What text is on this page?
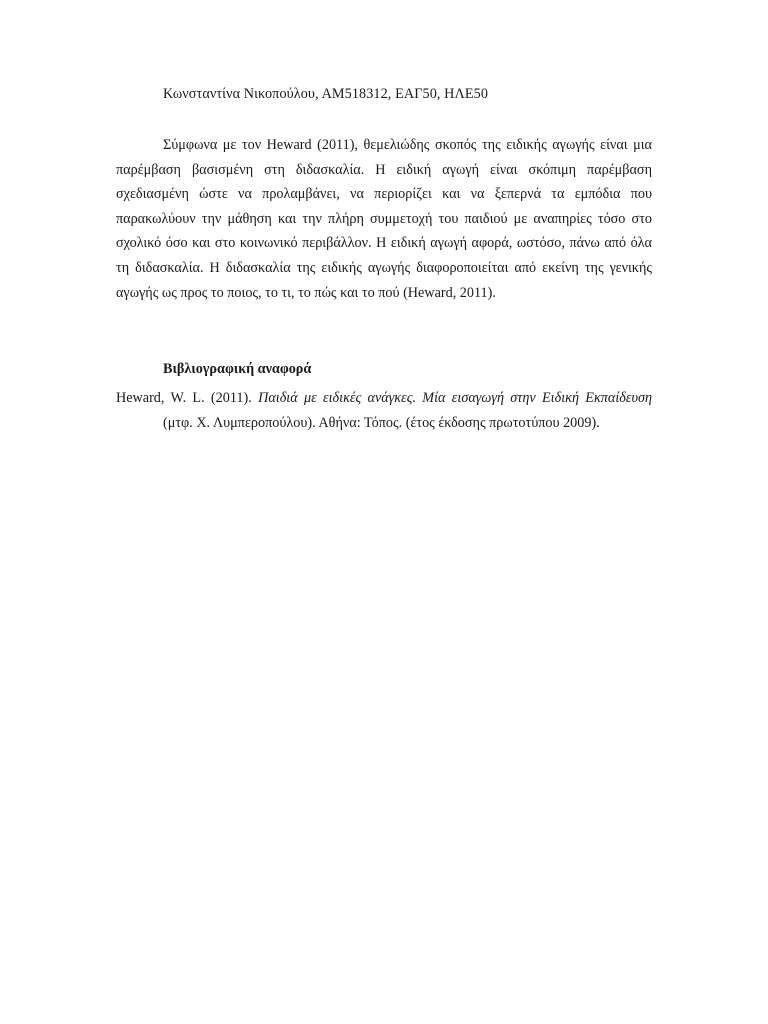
Κωνσταντίνα Νικοπούλου, ΑΜ518312, ΕΑΓ50, ΗΛΕ50

Σύμφωνα με τον Heward (2011), θεμελιώδης σκοπός της ειδικής αγωγής είναι μια παρέμβαση βασισμένη στη διδασκαλία. Η ειδική αγωγή είναι σκόπιμη παρέμβαση σχεδιασμένη ώστε να προλαμβάνει, να περιορίζει και να ξεπερνά τα εμπόδια που παρακωλύουν την μάθηση και την πλήρη συμμετοχή του παιδιού με αναπηρίες τόσο στο σχολικό όσο και στο κοινωνικό περιβάλλον. Η ειδική αγωγή αφορά, ωστόσο, πάνω από όλα τη διδασκαλία. Η διδασκαλία της ειδικής αγωγής διαφοροποιείται από εκείνη της γενικής αγωγής ως προς το ποιος, το τι, το πώς και το πού (Heward, 2011).

Βιβλιογραφική αναφορά

Heward, W. L. (2011). Παιδιά με ειδικές ανάγκες. Μία εισαγωγή στην Ειδική Εκπαίδευση (μτφ. Χ. Λυμπεροπούλου). Αθήνα: Τόπος. (έτος έκδοσης πρωτοτύπου 2009).
